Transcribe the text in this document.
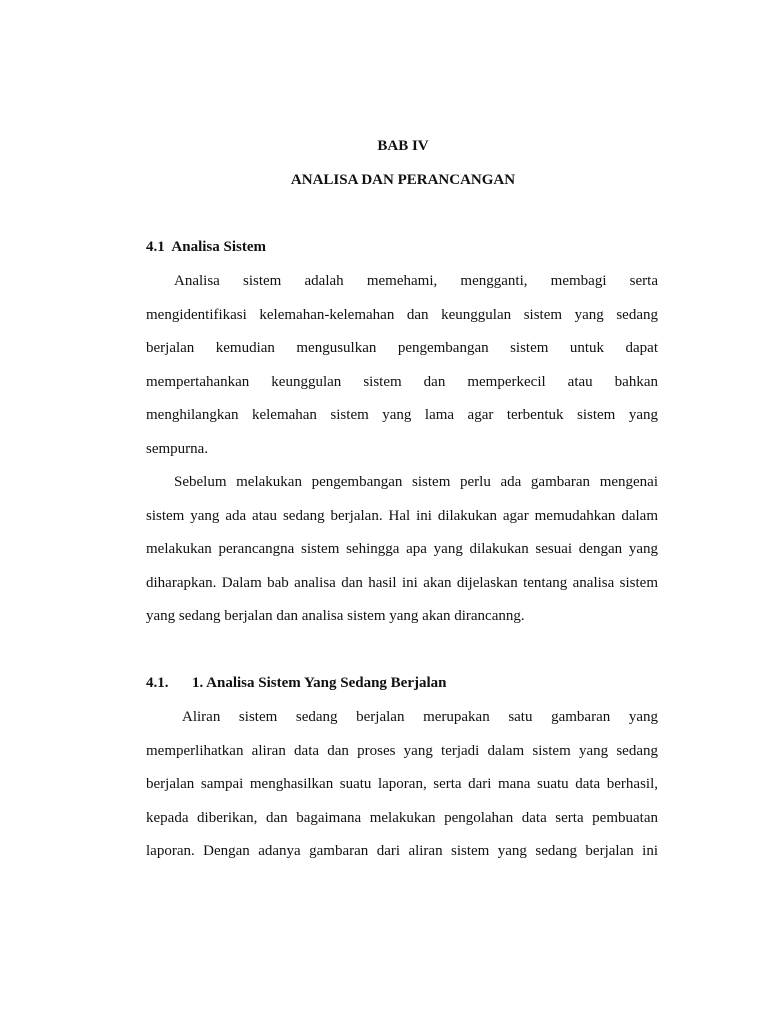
BAB IV

ANALISA DAN PERANCANGAN

4.1  Analisa Sistem

Analisa sistem adalah memehami, mengganti, membagi serta
mengidentifikasi kelemahan-kelemahan dan keunggulan sistem yang sedang
berjalan kemudian mengusulkan pengembangan sistem untuk dapat
mempertahankan keunggulan sistem dan memperkecil atau bahkan
menghilangkan kelemahan sistem yang lama agar terbentuk sistem yang
sempurna.
Sebelum melakukan pengembangan sistem perlu ada gambaran mengenai
sistem yang ada atau sedang berjalan. Hal ini dilakukan agar memudahkan dalam
melakukan perancangna sistem sehingga apa yang dilakukan sesuai dengan yang
diharapkan. Dalam bab analisa dan hasil ini akan dijelaskan tentang analisa sistem
yang sedang berjalan dan analisa sistem yang akan dirancanng.

4.1. 1. Analisa Sistem Yang Sedang Berjalan

Aliran sistem sedang berjalan merupakan satu gambaran yang
memperlihatkan aliran data dan proses yang terjadi dalam sistem yang sedang
berjalan sampai menghasilkan suatu laporan, serta dari mana suatu data berhasil,
kepada diberikan, dan bagaimana melakukan pengolahan data serta pembuatan
laporan. Dengan adanya gambaran dari aliran sistem yang sedang berjalan ini
